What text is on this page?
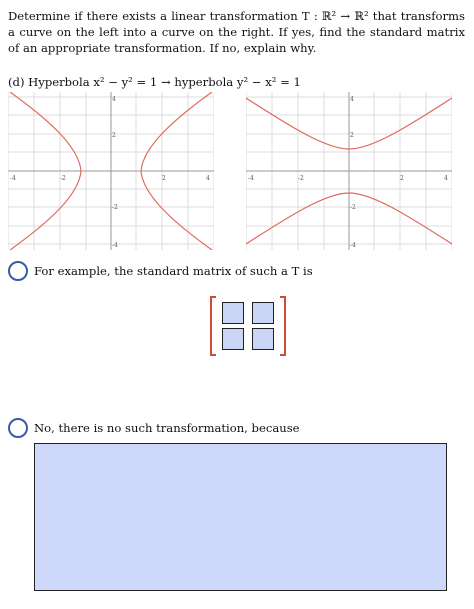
Determine if there exists a linear transformation T : ℝ² → ℝ² that transforms a curve on the left into a curve on the right. If yes, find the standard matrix of an appropriate transformation. If no, explain why.
(d) Hyperbola x² − y² = 1 → hyperbola y² − x² = 1
-4	-2	2	4
4
2
-2
-4
-4	-2	2	4
4
2
-2
-4
For example, the standard matrix of such a T is
No, there is no such transformation, because
